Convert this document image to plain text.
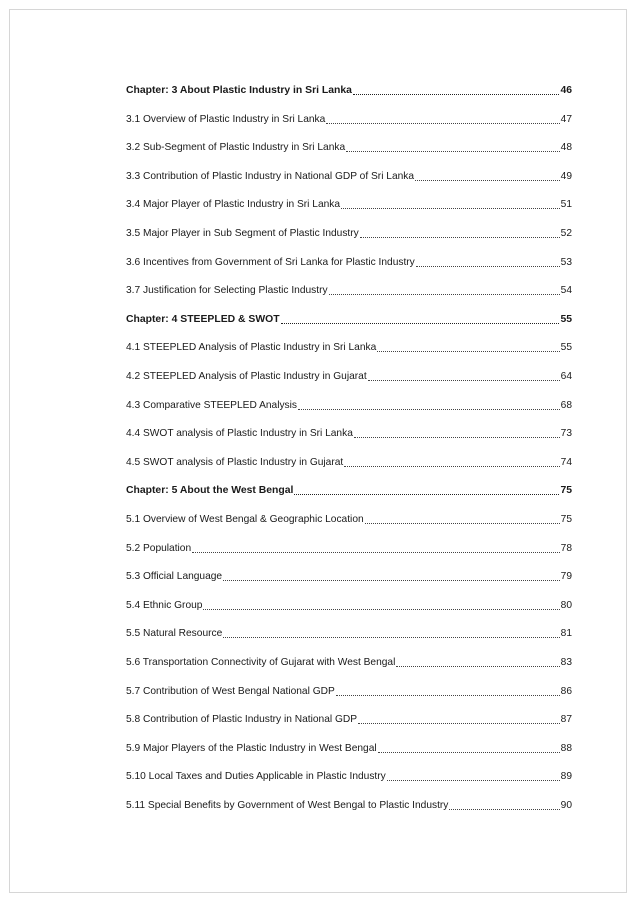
Chapter: 3 About Plastic Industry in Sri Lanka	46
3.1 Overview of Plastic Industry in Sri Lanka	47
3.2 Sub-Segment of Plastic Industry in Sri Lanka	48
3.3 Contribution of Plastic Industry in National GDP of Sri Lanka	49
3.4 Major Player of Plastic Industry in Sri Lanka	51
3.5 Major Player in Sub Segment of Plastic Industry	52
3.6 Incentives from Government of Sri Lanka for Plastic Industry	53
3.7 Justification for Selecting Plastic Industry	54
Chapter: 4 STEEPLED & SWOT	55
4.1 STEEPLED Analysis of Plastic Industry in Sri Lanka	55
4.2 STEEPLED Analysis of Plastic Industry in Gujarat	64
4.3 Comparative STEEPLED Analysis	68
4.4 SWOT analysis of Plastic Industry in Sri Lanka	73
4.5 SWOT analysis of Plastic Industry in Gujarat	74
Chapter: 5 About the West Bengal	75
5.1 Overview of West Bengal & Geographic Location	75
5.2 Population	78
5.3 Official Language	79
5.4 Ethnic Group	80
5.5 Natural Resource	81
5.6 Transportation Connectivity of Gujarat with West Bengal	83
5.7 Contribution of West Bengal National GDP	86
5.8 Contribution of Plastic Industry in National GDP	87
5.9 Major Players of the Plastic Industry in West Bengal	88
5.10 Local Taxes and Duties Applicable in Plastic Industry	89
5.11 Special Benefits by Government of West Bengal to Plastic Industry	90
